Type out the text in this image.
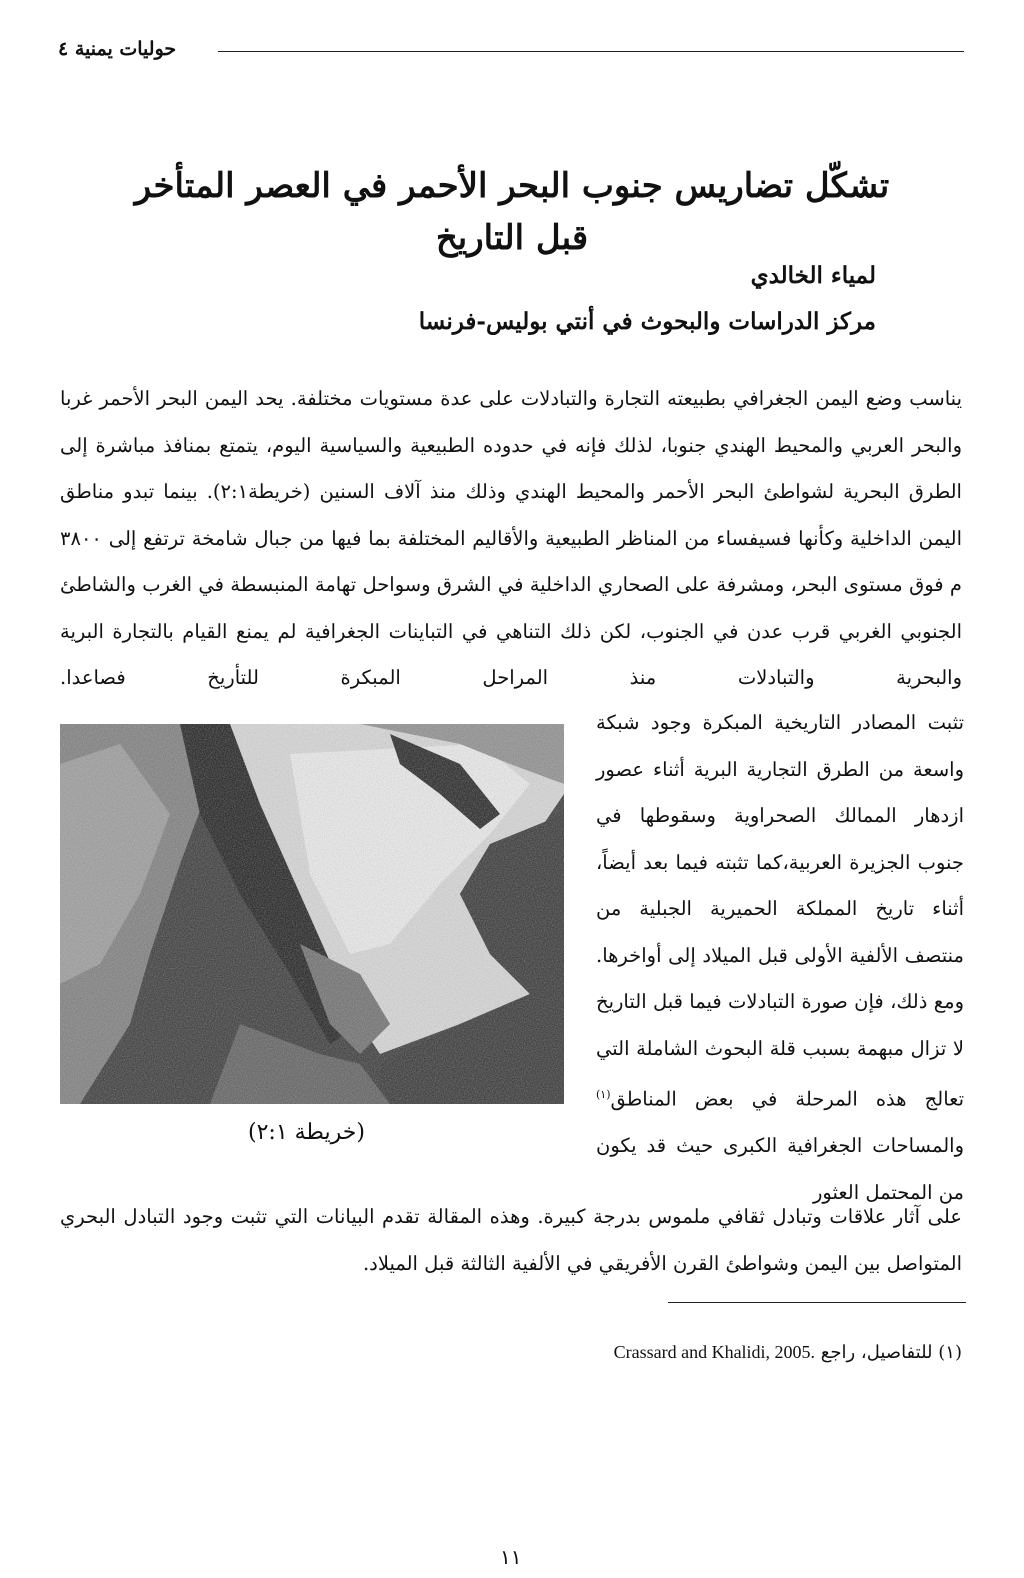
حوليات يمنية ٤
تشكّل تضاريس جنوب البحر الأحمر في العصر المتأخر قبل التاريخ
لمياء الخالدي
مركز الدراسات والبحوث في أنتي بوليس-فرنسا

يناسب وضع اليمن الجغرافي بطبيعته التجارة والتبادلات على عدة مستويات مختلفة. يحد اليمن البحر الأحمر غربا والبحر العربي والمحيط الهندي جنوبا، لذلك فإنه في حدوده الطبيعية والسياسية اليوم، يتمتع بمنافذ مباشرة إلى الطرق البحرية لشواطئ البحر الأحمر والمحيط الهندي وذلك منذ آلاف السنين (خريطة٢:١). بينما تبدو مناطق اليمن الداخلية وكأنها فسيفساء من المناظر الطبيعية والأقاليم المختلفة بما فيها من جبال شامخة ترتفع إلى ٣٨٠٠ م فوق مستوى البحر، ومشرفة على الصحاري الداخلية في الشرق وسواحل تهامة المنبسطة في الغرب والشاطئ الجنوبي الغربي قرب عدن في الجنوب، لكن ذلك التناهي في التباينات الجغرافية لم يمنع القيام بالتجارة البرية والبحرية والتبادلات منذ المراحل المبكرة للتأريخ فصاعدا.

(خريطة ٢:١)

تثبت المصادر التاريخية المبكرة وجود شبكة واسعة من الطرق التجارية البرية أثناء عصور ازدهار الممالك الصحراوية وسقوطها في جنوب الجزيرة العربية،كما تثبته فيما بعد أيضاً، أثناء تاريخ المملكة الحميرية الجبلية من منتصف الألفية الأولى قبل الميلاد إلى أواخرها. ومع ذلك، فإن صورة التبادلات فيما قبل التاريخ لا تزال مبهمة بسبب قلة البحوث الشاملة التي تعالج هذه المرحلة في بعض المناطق$^{(١)}$ والمساحات الجغرافية الكبرى حيث قد يكون من المحتمل العثور

على آثار علاقات وتبادل ثقافي ملموس بدرجة كبيرة. وهذه المقالة تقدم البيانات التي تثبت وجود التبادل البحري المتواصل بين اليمن وشواطئ القرن الأفريقي في الألفية الثالثة قبل الميلاد.

(١) للتفاصيل، راجع Crassard and Khalidi, 2005.
١١
